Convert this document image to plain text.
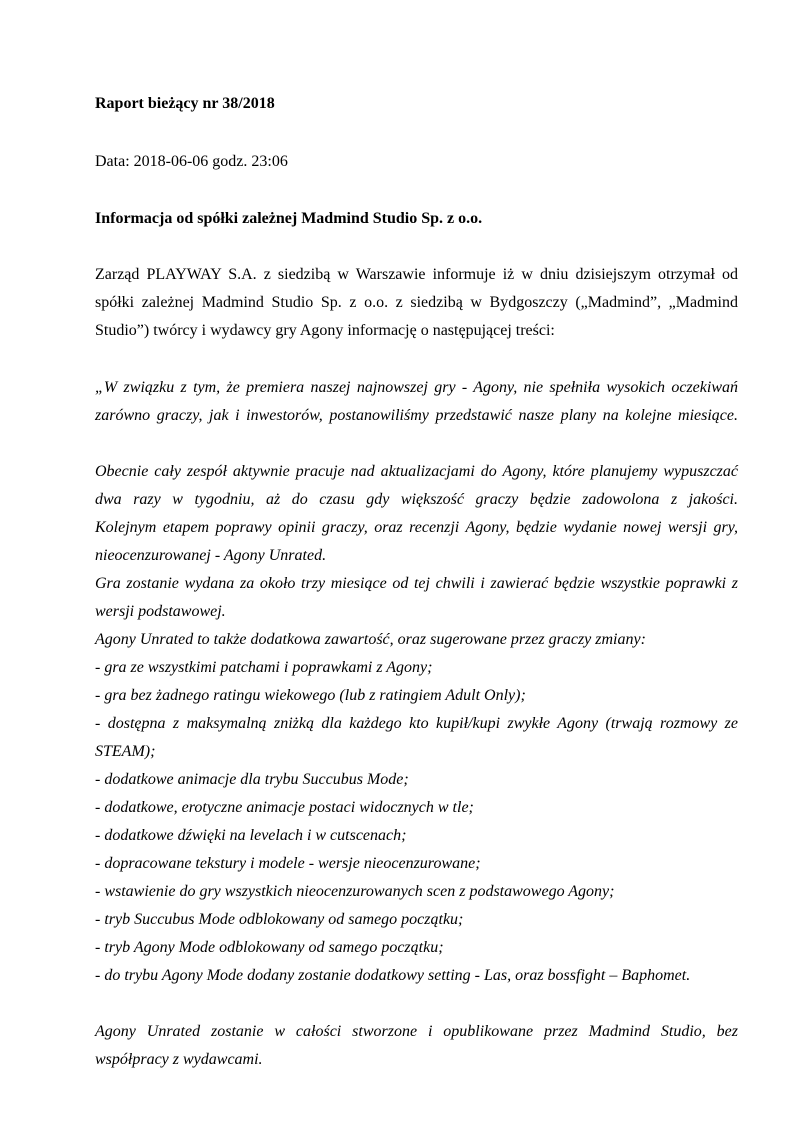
Raport bieżący nr 38/2018
Data: 2018-06-06 godz. 23:06
Informacja od spółki zależnej Madmind Studio Sp. z o.o.
Zarząd PLAYWAY S.A. z siedzibą w Warszawie informuje iż w dniu dzisiejszym otrzymał od
spółki zależnej Madmind Studio Sp. z o.o. z siedzibą w Bydgoszczy („Madmind”, „Madmind
Studio”) twórcy i wydawcy gry Agony informację o następującej treści:
„W związku z tym, że premiera naszej najnowszej gry - Agony, nie spełniła wysokich oczekiwań
zarówno graczy, jak i inwestorów, postanowiliśmy przedstawić nasze plany na kolejne miesiące.
Obecnie cały zespół aktywnie pracuje nad aktualizacjami do Agony, które planujemy wypuszczać
dwa razy w tygodniu, aż do czasu gdy większość graczy będzie zadowolona z jakości.
Kolejnym etapem poprawy opinii graczy, oraz recenzji Agony, będzie wydanie nowej wersji gry,
nieocenzurowanej - Agony Unrated.
Gra zostanie wydana za około trzy miesiące od tej chwili i zawierać będzie wszystkie poprawki z
wersji podstawowej.
Agony Unrated to także dodatkowa zawartość, oraz sugerowane przez graczy zmiany:
- gra ze wszystkimi patchami i poprawkami z Agony;
- gra bez żadnego ratingu wiekowego (lub z ratingiem Adult Only);
- dostępna z maksymalną zniżką dla każdego kto kupił/kupi zwykłe Agony (trwają rozmowy ze
STEAM);
- dodatkowe animacje dla trybu Succubus Mode;
- dodatkowe, erotyczne animacje postaci widocznych w tle;
- dodatkowe dźwięki na levelach i w cutscenach;
- dopracowane tekstury i modele - wersje nieocenzurowane;
- wstawienie do gry wszystkich nieocenzurowanych scen z podstawowego Agony;
- tryb Succubus Mode odblokowany od samego początku;
- tryb Agony Mode odblokowany od samego początku;
- do trybu Agony Mode dodany zostanie dodatkowy setting - Las, oraz bossfight – Baphomet.
Agony Unrated zostanie w całości stworzone i opublikowane przez Madmind Studio, bez
współpracy z wydawcami.
